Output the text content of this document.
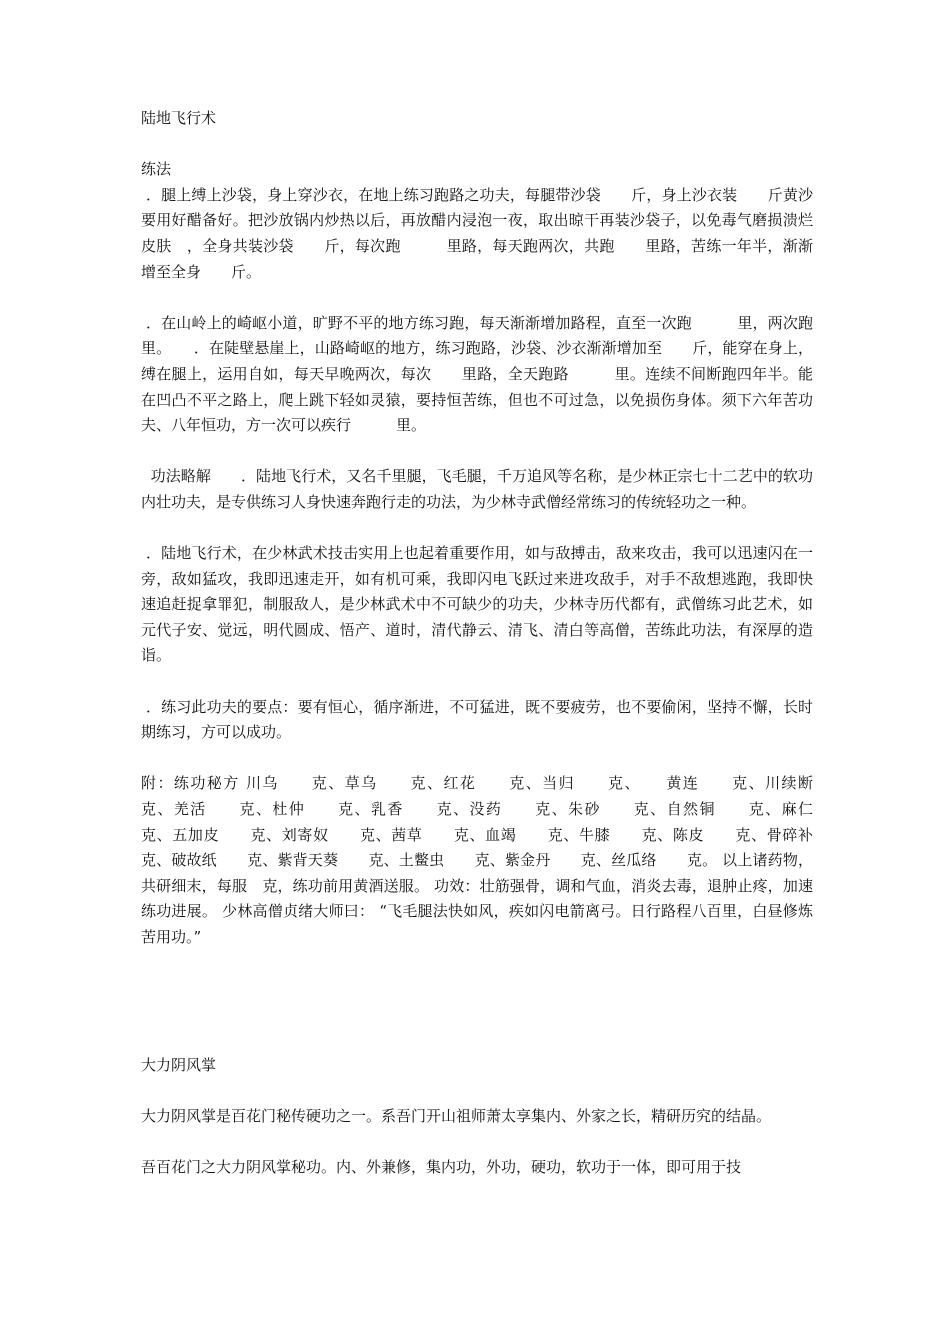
陆地飞行术

练法

．腿上缚上沙袋，身上穿沙衣，在地上练习跑路之功夫，每腿带沙袋　　斤，身上沙衣装　　斤黄沙　要用好醋备好。把沙放锅内炒热以后，再放醋内浸泡一夜，取出晾干再装沙袋子，以免毒气磨损溃烂皮肤　，全身共装沙袋　　斤，每次跑　　　里路，每天跑两次，共跑　　里路，苦练一年半，渐渐增至全身　　斤。

．在山岭上的崎岖小道，旷野不平的地方练习跑，每天渐渐增加路程，直至一次跑　　　里，两次跑　　　里。　　．在陡壁悬崖上，山路崎岖的地方，练习跑路，沙袋、沙衣渐渐增加至　　斤，能穿在身上，缚在腿上，运用自如，每天早晚两次，每次　　里路，全天跑路　　　里。连续不间断跑四年半。能在凹凸不平之路上，爬上跳下轻如灵猿，要持恒苦练，但也不可过急，以免损伤身体。须下六年苦功夫、八年恒功，方一次可以疾行　　　里。

功法略解　　．陆地飞行术，又名千里腿，飞毛腿，千万追风等名称，是少林正宗七十二艺中的软功内壮功夫，是专供练习人身快速奔跑行走的功法，为少林寺武僧经常练习的传统轻功之一种。

．陆地飞行术，在少林武术技击实用上也起着重要作用，如与敌搏击，敌来攻击，我可以迅速闪在一旁，敌如猛攻，我即迅速走开，如有机可乘，我即闪电飞跃过来进攻敌手，对手不敌想逃跑，我即快速追赶捉拿罪犯，制服敌人，是少林武术中不可缺少的功夫，少林寺历代都有，武僧练习此艺术，如元代子安、觉远，明代圆成、悟产、道时，清代静云、清飞、清白等高僧，苦练此功法，有深厚的造诣。

．练习此功夫的要点：要有恒心，循序渐进，不可猛进，既不要疲劳，也不要偷闲，坚持不懈，长时期练习，方可以成功。

附：练功秘方 川乌　　克、草乌　　克、红花　　克、当归　　克、　　黄连　　克、川续断　　克、羌活　　克、杜仲　　克、乳香　　克、没药　　克、朱砂　　克、自然铜　　克、麻仁　　克、五加皮　　克、刘寄奴　　克、茜草　　克、血竭　　克、牛膝　　克、陈皮　　克、骨碎补　　克、破故纸　　克、紫背天葵　　克、土鳖虫　　克、紫金丹　　克、丝瓜络　　克。 以上诸药物，共研细末，每服　克，练功前用黄酒送服。 功效：壮筋强骨，调和气血，消炎去毒，退肿止疼，加速练功进展。 少林高僧贞绪大师曰： “飞毛腿法快如风，疾如闪电箭离弓。日行路程八百里，白昼修炼苦用功。”

大力阴风掌

大力阴风掌是百花门秘传硬功之一。系吾门开山祖师萧太享集内、外家之长，精研历究的结晶。

吾百花门之大力阴风掌秘功。内、外兼修，集内功，外功，硬功，软功于一体，即可用于技
